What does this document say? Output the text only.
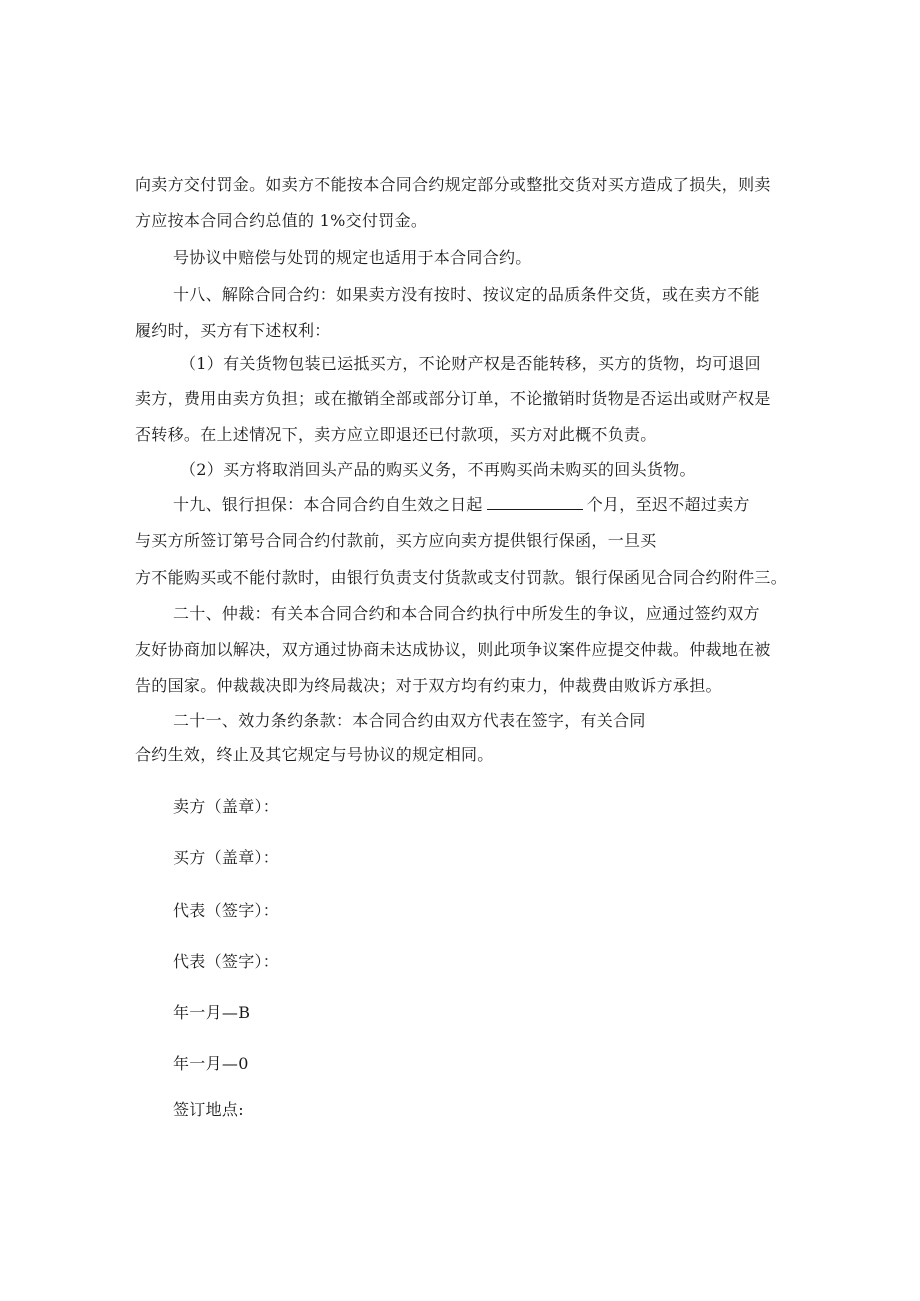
向卖方交付罚金。如卖方不能按本合同合约规定部分或整批交货对买方造成了损失，则卖
方应按本合同合约总值的 1%交付罚金。
号协议中赔偿与处罚的规定也适用于本合同合约。
十八、解除合同合约：如果卖方没有按时、按议定的品质条件交货，或在卖方不能
履约时，买方有下述权利：
（1）有关货物包装已运抵买方，不论财产权是否能转移，买方的货物，均可退回
卖方，费用由卖方负担；或在撤销全部或部分订单，不论撤销时货物是否运出或财产权是
否转移。在上述情况下，卖方应立即退还已付款项，买方对此概不负责。
（2）买方将取消回头产品的购买义务，不再购买尚未购买的回头货物。
十九、银行担保：本合同合约自生效之日起	个月，至迟不超过卖方
与买方所签订第号合同合约付款前，买方应向卖方提供银行保函，一旦买
方不能购买或不能付款时，由银行负责支付货款或支付罚款。银行保函见合同合约附件三。
二十、仲裁：有关本合同合约和本合同合约执行中所发生的争议，应通过签约双方
友好协商加以解决，双方通过协商未达成协议，则此项争议案件应提交仲裁。仲裁地在被
告的国家。仲裁裁决即为终局裁决；对于双方均有约束力，仲裁费由败诉方承担。
二十一、效力条约条款：本合同合约由双方代表在签字，有关合同
合约生效，终止及其它规定与号协议的规定相同。
卖方（盖章）：
买方（盖章）：
代表（签字）：
代表（签字）：
年一月—B
年一月—0
签订地点:
